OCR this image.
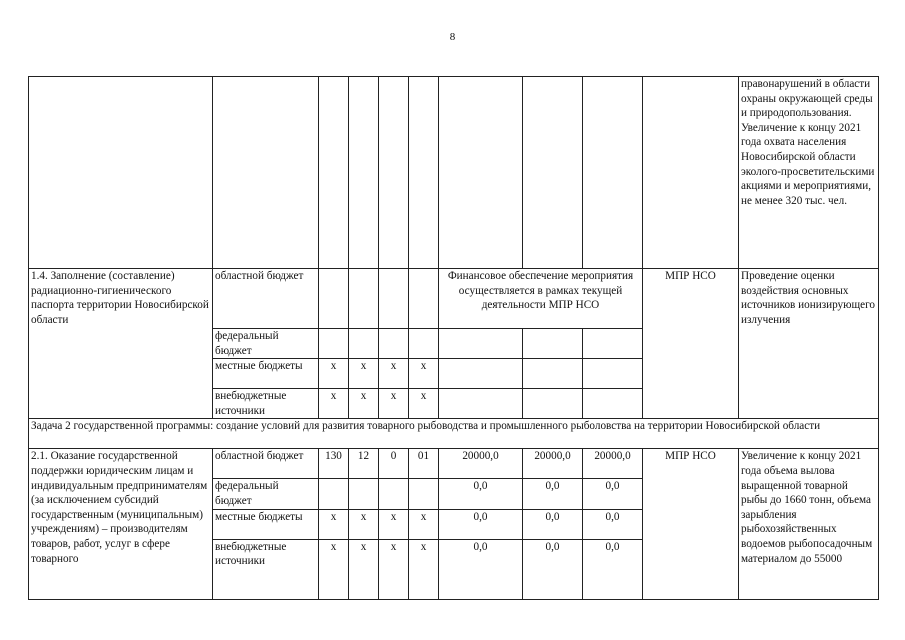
8
										правонарушений в области охраны окружающей среды и природопользования. Увеличение к концу 2021 года охвата населения Новосибирской области эколого-просветительскими акциями и мероприятиями, не менее 320 тыс. чел.
1.4. Заполнение (составление) радиационно-гигиенического паспорта территории Новосибирской области	областной бюджет					Финансовое обеспечение мероприятия осуществляется в рамках текущей деятельности МПР НСО			МПР НСО	Проведение оценки воздействия основных источников ионизирующего излучения
	федеральный бюджет									
	местные бюджеты	х	х	х	х					
	внебюджетные источники	х	х	х	х					
Задача 2 государственной программы: создание условий для развития товарного рыбоводства и промышленного рыболовства на территории Новосибирской области										
2.1. Оказание государственной поддержки юридическим лицам и индивидуальным предпринимателям (за исключением субсидий государственным (муниципальным) учреждениям) – производителям товаров, работ, услуг в сфере товарного	областной бюджет	130	12	0	01	20000,0	20000,0	20000,0	МПР НСО	Увеличение к концу 2021 года объема вылова выращенной товарной рыбы до 1660 тонн, объема зарыбления рыбохозяйственных водоемов рыбопосадочным материалом до 55000
	федеральный бюджет					0,0	0,0	0,0		
	местные бюджеты	х	х	х	х	0,0	0,0	0,0		
	внебюджетные источники	х	х	х	х	0,0	0,0	0,0		
